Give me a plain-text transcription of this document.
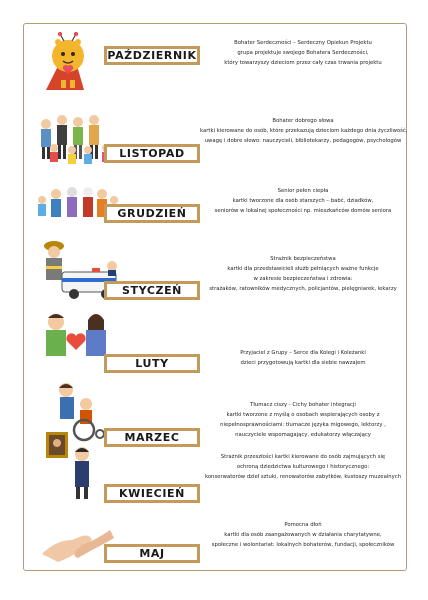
PAŹDZIERNIK
Bohater Serdeczności – Serdeczny Opiekun Projektu
grupa projektuje swojego Bohatera Serdeczności,
który towarzyszy dzieciom przez cały czas trwania projektu
LISTOPAD
Bohater dobrego słowa
kartki kierowane do osób, które przekazują dzieciom każdego dnia życzliwość,
uwagę i dobre słowo: nauczycieli, bibliotekarzy, pedagogów, psychologów
GRUDZIEŃ
Senior pełen ciepła
kartki tworzone dla osób starszych – babć, dziadków,
seniorów w lokalnej społeczności np. mieszkańców domów seniora
STYCZEŃ
Strażnik bezpieczeństwa
kartki dla przedstawicieli służb pełniących ważne funkcje
w zakresie bezpieczeństwa i zdrowia:
strażaków, ratowników medycznych, policjantów, pielęgniarek, lekarzy
LUTY
Przyjaciel z Grupy – Serce dla Kolegi i Koleżanki
dzieci przygotowują kartki dla siebie nawzajem
MARZEC
Tłumacz ciszy - Cichy bohater integracji
kartki tworzone z myślą o osobach wspierających osoby z
niepełnosprawnościami: tłumacze języka migowego, lektorzy ,
nauczyciele wspomagający, edukatorzy włączający
KWIECIEŃ
Strażnik przeszłości kartki kierowane do osób zajmujących się
ochroną dziedzictwa kulturowego i historycznego:
konserwatorów dzieł sztuki, renowatorów zabytków, kustoszy muzealnych
MAJ
Pomocna dłoń
kartki dla osób zaangażowanych w działania charytatywne,
społeczne i wolontariat: lokalnych bohaterów, fundacji, społeczników
